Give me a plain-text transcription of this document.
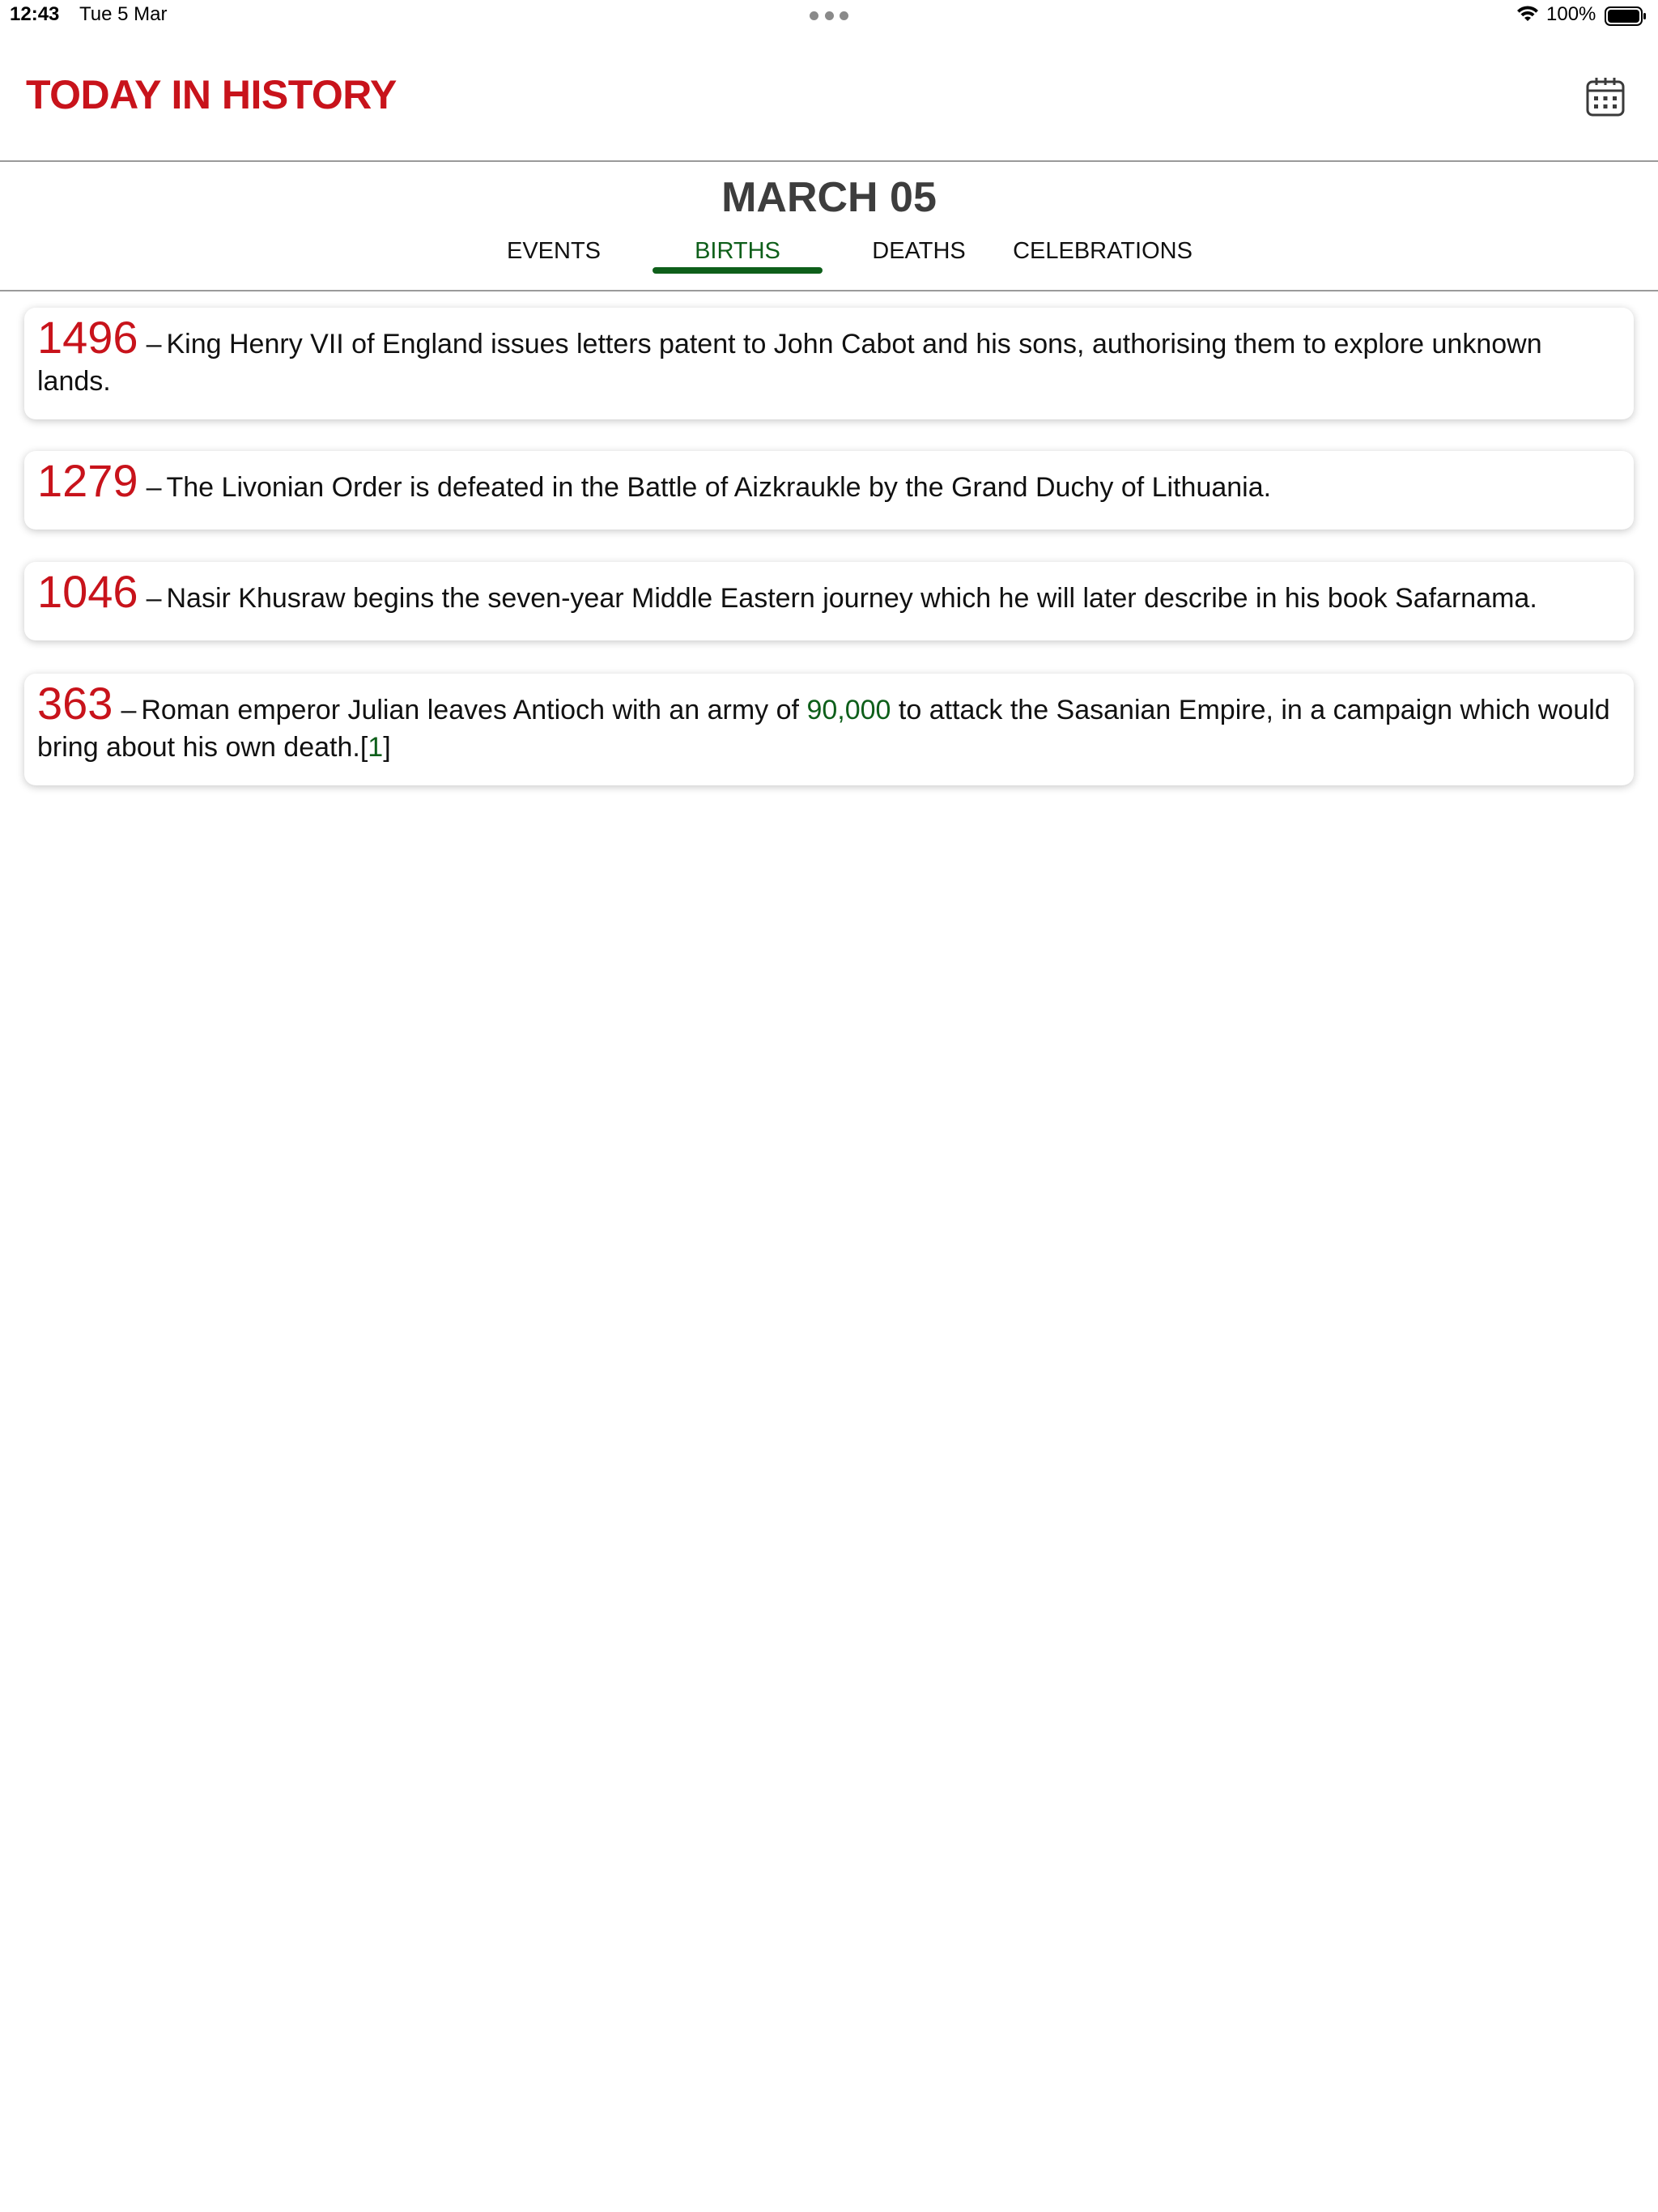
12:43 Tue 5 Mar	100%
TODAY IN HISTORY
MARCH 05
EVENTS	BIRTHS	DEATHS	CELEBRATIONS
1496 – King Henry VII of England issues letters patent to John Cabot and his sons, authorising them to explore unknown lands.
1279 – The Livonian Order is defeated in the Battle of Aizkraukle by the Grand Duchy of Lithuania.
1046 – Nasir Khusraw begins the seven-year Middle Eastern journey which he will later describe in his book Safarnama.
363 – Roman emperor Julian leaves Antioch with an army of 90,000 to attack the Sasanian Empire, in a campaign which would bring about his own death.[1]
